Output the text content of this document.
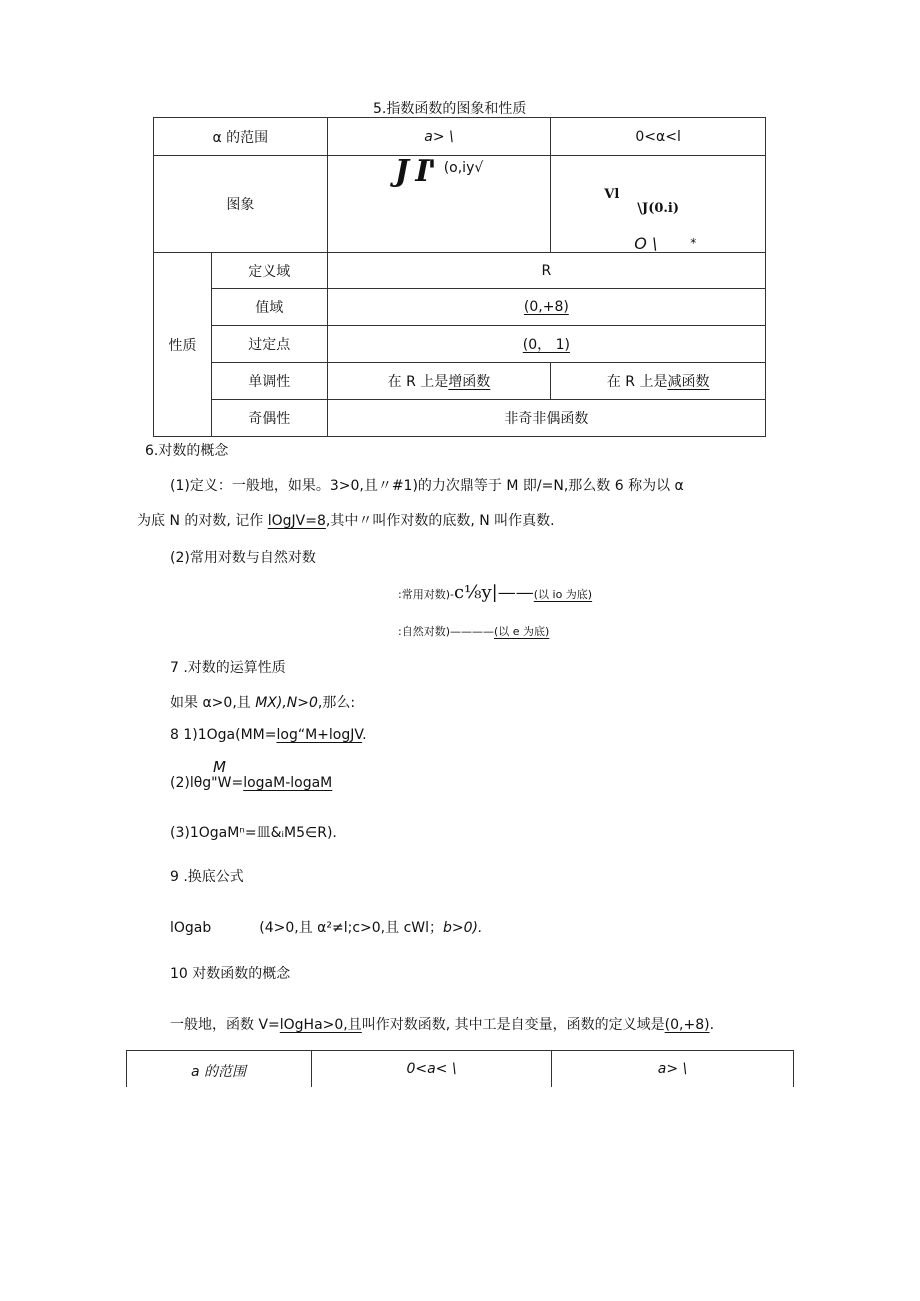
5.指数函数的图象和性质
α 的范围		a> \	0<α<l
图象		J I' (o,iy√	Vl
\J(0.i)
O \ *

性质	定义域	R	
	值域	(0,+8)	
	过定点	(0， 1)	
	单调性	在 R 上是增函数	在 R 上是减函数
	奇偶性	非奇非偶函数	
6.对数的概念
(1)定义：一般地，如果。3>0,且〃#1)的力次鼎等于 M 即/=N,那么数 6 称为以 α
为底 N 的对数, 记作 lOgJV=8,其中〃叫作对数的底数, N 叫作真数.
(2)常用对数与自然对数
:常用对数)-c⅛y|——(以 io 为底)
:自然对数)————(以 e 为底)
7 .对数的运算性质
如果 α>0,且 MX),N>0,那么:
8 1)1Oga(MM=log“M+logJV.
M
(2)lθg"W=logaM-logaM
(3)1OgaMⁿ=皿&ᵢM5∈R).
9 .换底公式
lOgab	(4>0,且 α²≠l;c>0,且 cWl；b>0).
10 对数函数的概念
一般地，函数 V=lOgHa>0,且叫作对数函数, 其中工是自变量，函数的定义域是(0,+8).
a 的范围	0<a< \	a> \
